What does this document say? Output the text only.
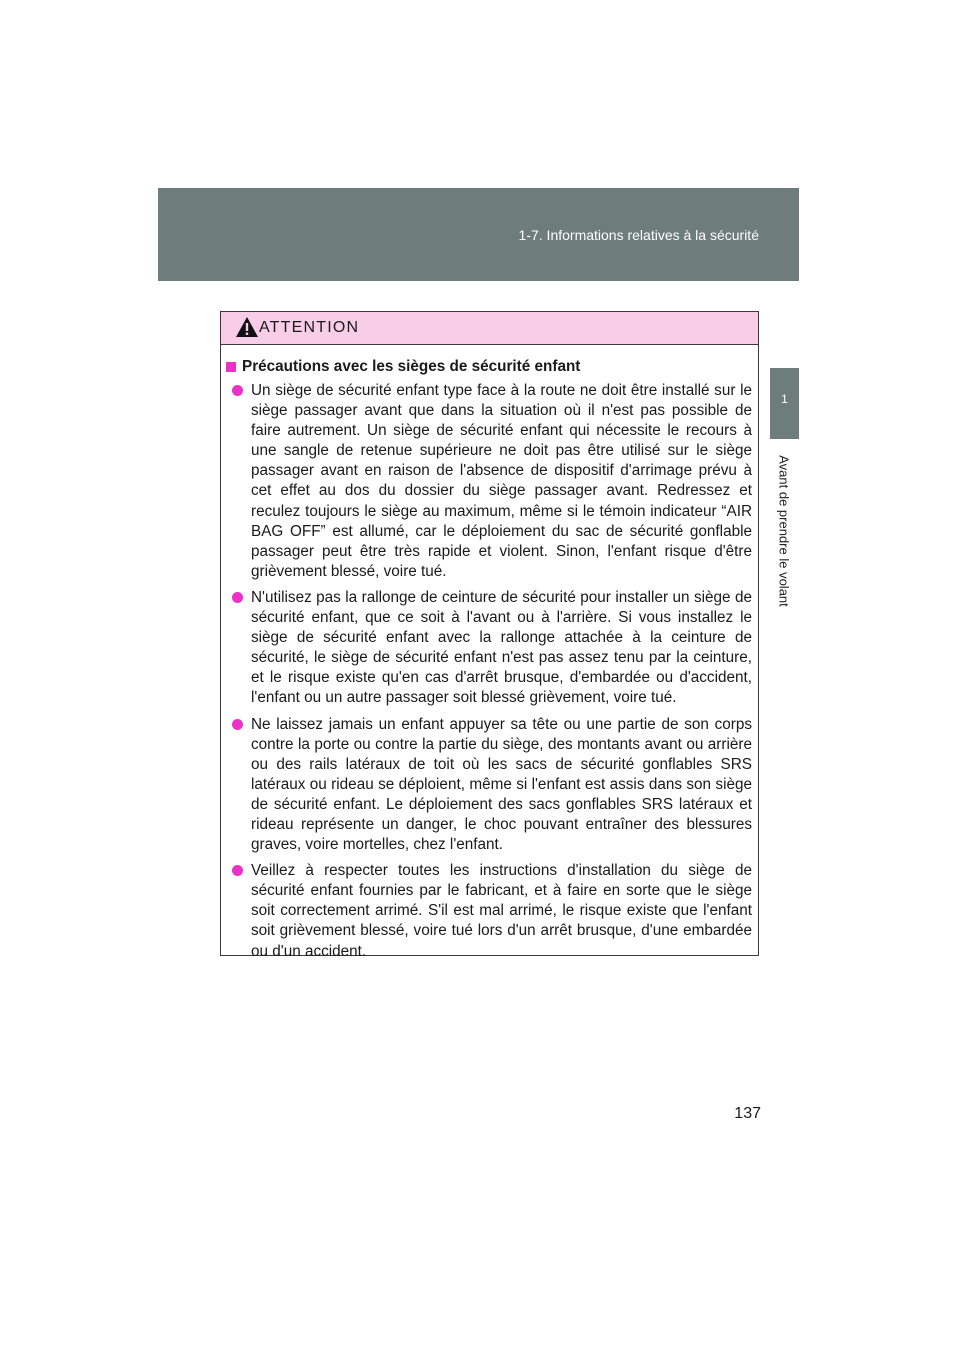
1-7. Informations relatives à la sécurité
1
Avant de prendre le volant
ATTENTION
Précautions avec les sièges de sécurité enfant
Un siège de sécurité enfant type face à la route ne doit être installé sur le siège passager avant que dans la situation où il n'est pas possible de faire autrement. Un siège de sécurité enfant qui nécessite le recours à une sangle de retenue supérieure ne doit pas être utilisé sur le siège passager avant en raison de l'absence de dispositif d'arrimage prévu à cet effet au dos du dossier du siège passager avant. Redressez et reculez toujours le siège au maximum, même si le témoin indicateur “AIR BAG OFF” est allumé, car le déploiement du sac de sécurité gonflable passager peut être très rapide et violent. Sinon, l'enfant risque d'être grièvement blessé, voire tué.
N'utilisez pas la rallonge de ceinture de sécurité pour installer un siège de sécurité enfant, que ce soit à l'avant ou à l'arrière. Si vous installez le siège de sécurité enfant avec la rallonge attachée à la ceinture de sécurité, le siège de sécurité enfant n'est pas assez tenu par la ceinture, et le risque existe qu'en cas d'arrêt brusque, d'embardée ou d'accident, l'enfant ou un autre passager soit blessé grièvement, voire tué.
Ne laissez jamais un enfant appuyer sa tête ou une partie de son corps contre la porte ou contre la partie du siège, des montants avant ou arrière ou des rails latéraux de toit où les sacs de sécurité gonflables SRS latéraux ou rideau se déploient, même si l'enfant est assis dans son siège de sécurité enfant. Le déploiement des sacs gonflables SRS latéraux et rideau représente un danger, le choc pouvant entraîner des blessures graves, voire mortelles, chez l'enfant.
Veillez à respecter toutes les instructions d'installation du siège de sécurité enfant fournies par le fabricant, et à faire en sorte que le siège soit correctement arrimé. S'il est mal arrimé, le risque existe que l'enfant soit grièvement blessé, voire tué lors d'un arrêt brusque, d'une embardée ou d'un accident.
137
